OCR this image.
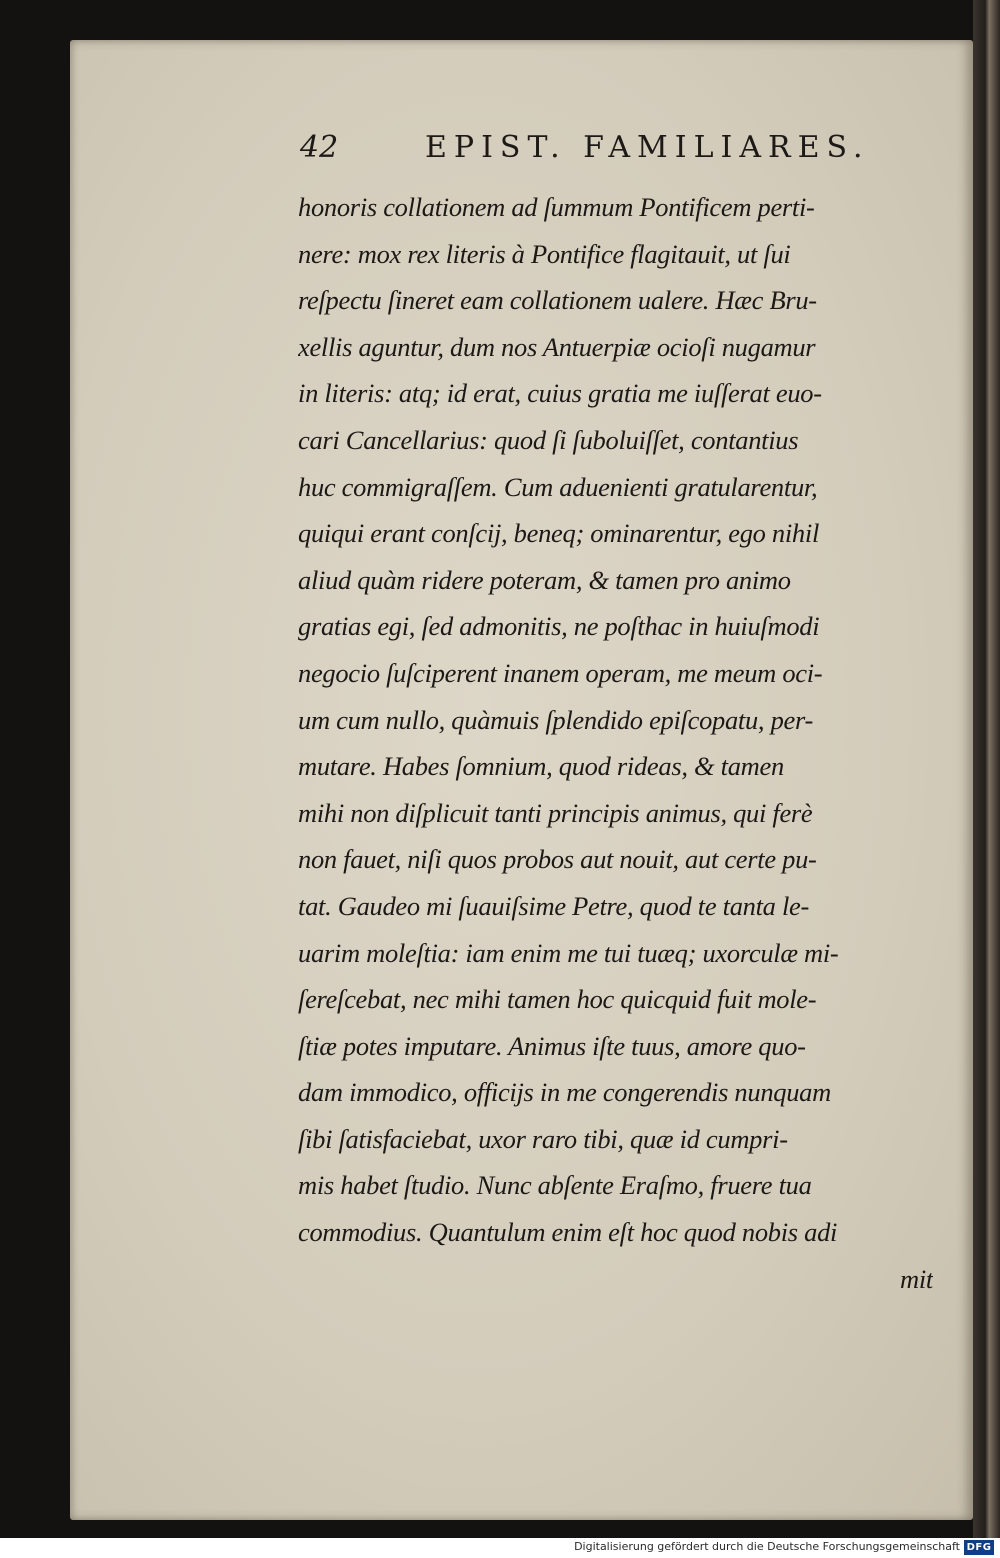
42	EPIST. FAMILIARES.
honoris collationem ad ſummum Pontificem perti-
nere: mox rex literis à Pontifice flagitauit, ut ſui
reſpectu ſineret eam collationem ualere. Hæc Bru-
xellis aguntur, dum nos Antuerpiæ ocioſi nugamur
in literis: atq; id erat, cuius gratia me iuſſerat euo-
cari Cancellarius: quod ſi ſuboluiſſet, contantius
huc commigraſſem. Cum aduenienti gratularentur,
quiqui erant conſcij, beneq; ominarentur, ego nihil
aliud quàm ridere poteram, & tamen pro animo
gratias egi, ſed admonitis, ne poſthac in huiuſmodi
negocio ſuſciperent inanem operam, me meum oci-
um cum nullo, quàmuis ſplendido epiſcopatu, per-
mutare. Habes ſomnium, quod rideas, & tamen
mihi non diſplicuit tanti principis animus, qui ferè
non fauet, niſi quos probos aut nouit, aut certe pu-
tat. Gaudeo mi ſuauiſsime Petre, quod te tanta le-
uarim moleſtia: iam enim me tui tuæq; uxorculæ mi-
ſereſcebat, nec mihi tamen hoc quicquid fuit mole-
ſtiæ potes imputare. Animus iſte tuus, amore quo-
dam immodico, officijs in me congerendis nunquam
ſibi ſatisfaciebat, uxor raro tibi, quæ id cumpri-
mis habet ſtudio. Nunc abſente Eraſmo, fruere tua
commodius. Quantulum enim eſt hoc quod nobis adi
mit
Digitalisierung gefördert durch die Deutsche Forschungsgemeinschaft DFG
